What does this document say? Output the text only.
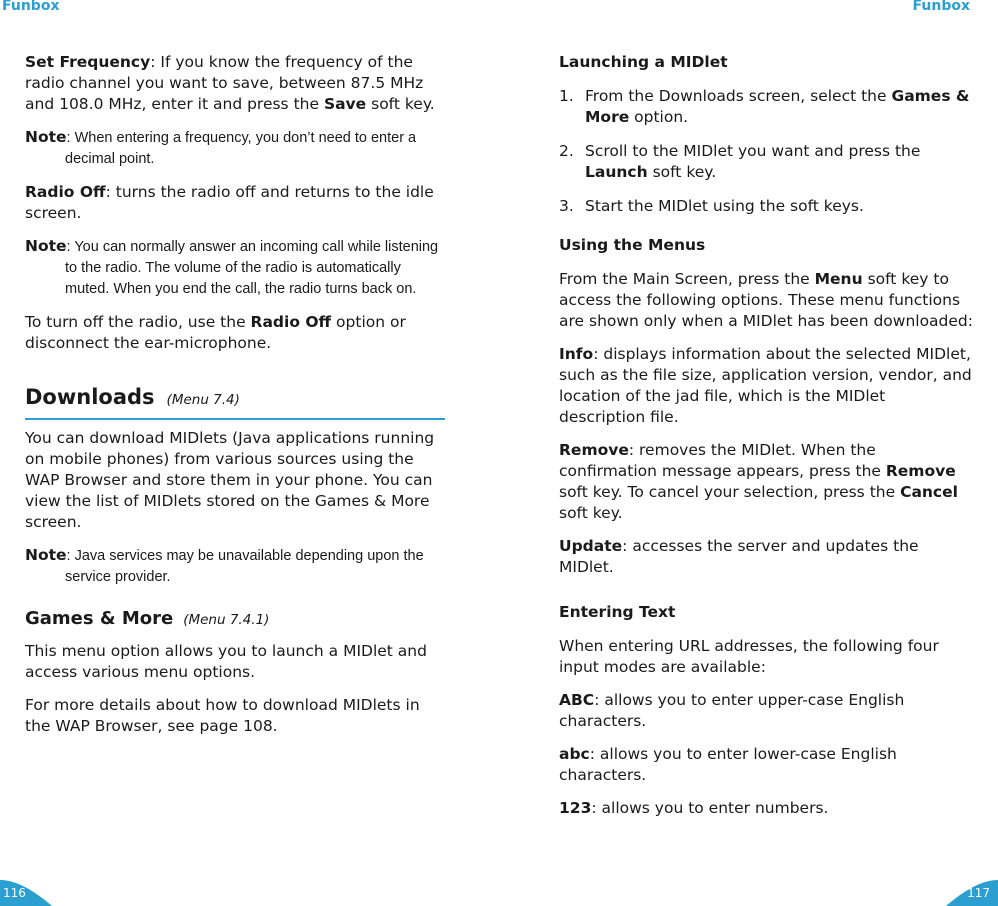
Funbox

Set Frequency: If you know the frequency of the radio channel you want to save, between 87.5 MHz and 108.0 MHz, enter it and press the Save soft key.

Note: When entering a frequency, you don’t need to enter a decimal point.

Radio Off: turns the radio off and returns to the idle screen.

Note: You can normally answer an incoming call while listening to the radio. The volume of the radio is automatically muted. When you end the call, the radio turns back on.

To turn off the radio, use the Radio Off option or disconnect the ear-microphone.

Downloads (Menu 7.4)

You can download MIDlets (Java applications running on mobile phones) from various sources using the WAP Browser and store them in your phone. You can view the list of MIDlets stored on the Games & More screen.

Note: Java services may be unavailable depending upon the service provider.

Games & More (Menu 7.4.1)

This menu option allows you to launch a MIDlet and access various menu options.

For more details about how to download MIDlets in the WAP Browser, see page 108.

116
Funbox
Launching a MIDlet
1. From the Downloads screen, select the Games & More option.
2. Scroll to the MIDlet you want and press the Launch soft key.
3. Start the MIDlet using the soft keys.
Using the Menus

From the Main Screen, press the Menu soft key to access the following options. These menu functions are shown only when a MIDlet has been downloaded:

Info: displays information about the selected MIDlet, such as the file size, application version, vendor, and location of the jad file, which is the MIDlet description file.

Remove: removes the MIDlet. When the confirmation message appears, press the Remove soft key. To cancel your selection, press the Cancel soft key.

Update: accesses the server and updates the MIDlet.

Entering Text

When entering URL addresses, the following four input modes are available:

ABC: allows you to enter upper-case English characters.

abc: allows you to enter lower-case English characters.

123: allows you to enter numbers.

117
